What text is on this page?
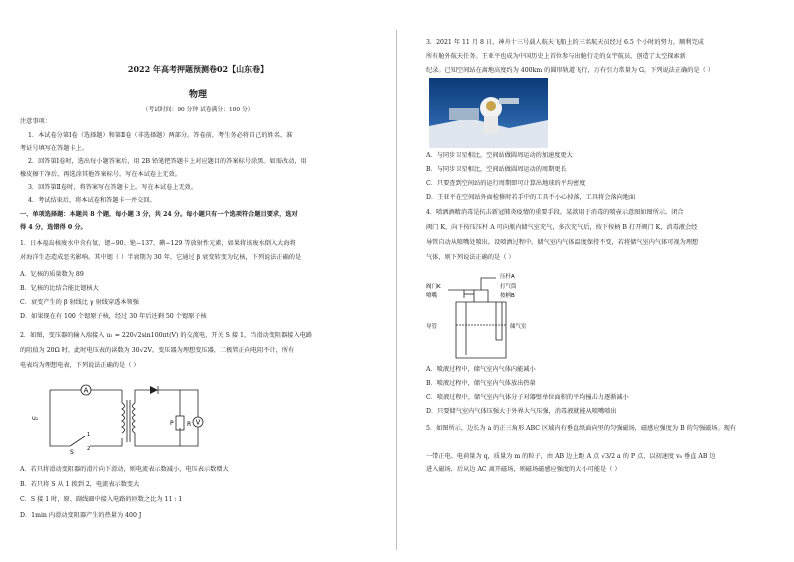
2022 年高考押题预测卷02【山东卷】
物理
（考试时间：90 分钟 试卷满分：100 分）
注意事项：
1．本试卷分第Ⅰ卷（选择题）和第Ⅱ卷（非选择题）两部分。答卷前，考生务必将自己的姓名、准
考证号填写在答题卡上。
2．回答第Ⅰ卷时，选出每小题答案后，用 2B 铅笔把答题卡上对应题目的答案标号涂黑。如需改动，用
橡皮擦干净后，再选涂其他答案标号。写在本试卷上无效。
3．回答第Ⅱ卷时，将答案写在答题卡上。写在本试卷上无效。
4．考试结束后，将本试卷和答题卡一并交回。
一、单项选择题：本题共 8 个题，每小题 3 分，共 24 分。每小题只有一个选项符合题目要求，选对
得 4 分，选错得 0 分。
1．日本福岛核废水中含有氚、锶−90、铯−137、碘−129 等放射性元素，如果将该废水倒入大海将
对海洋生态造成恶劣影响。其中锶（ ）半衰期为 30 年，它通过 β 衰变转变为钇核，下列说法正确的是
A．钇核的质量数为 89
B．钇核的比结合能比锶核大
C．衰变产生的 β 射线比 γ 射线穿透本领强
D．如果现在有 100 个锶原子核，经过 30 年后还剩 50 个锶原子核
2．如图，变压器的输入端接入 u₁ = 220√2sin100πt(V) 的交流电，开关 S 接 1，当滑动变阻器接入电路
的阻值为 20Ω 时，此时电压表的读数为 30√2V。变压器为理想变压器，二极管正向电阻不计，所有
电表均为理想电表，下列说法正确的是（ ）
A
V
R
P
S
1
2
u₁
A．若只将滑动变阻器的滑片向下滑动，则电流表示数减小，电压表示数增大
B．若只将 S 从 1 拨到 2，电流表示数变大
C．S 接 1 时，原、副线圈中接入电路的匝数之比为 11 : 1
D．1min 内滑动变阻器产生的热量为 400 J
3．2021 年 11 月 8 日，神舟十三号载人航天飞船上的三名航天员经过 6.5 个小时的努力，顺利完成
所有舱外航天任务。王亚平也成为中国历史上首位参与出舱行走的女宇航员，创造了太空探索新
纪录。已知空间站在离地高度约为 400km 的圆形轨道飞行，万有引力常量为 G，下列说法正确的是（ ）
A．与同步卫星相比，空间站做圆周运动的加速度更大
B．与同步卫星相比，空间站做圆周运动的周期更长
C．只要查到空间站的运行周期即可计算出地球的平均密度
D．王亚平在空间站外面检修时若手中的工具不小心掉落，工具将会落向地面
4．喷洒酒精消毒是抗击新冠肺炎疫情的重要手段。某款用于消毒的喷壶示意图如图所示。闭合
阀门 K，向下按压压杆 A 可向瓶内储气室充气，多次充气后，按下按柄 B 打开阀门 K，消毒液会经
导管自动从喷嘴处喷出。设喷洒过程中，储气室内气体温度保持不变，若将储气室内气体可视为理想
气体，则下列说法正确的是（ ）
压杆A
打气筒
按柄B
阀门K
喷嘴
导管	储气室
A．喷液过程中，储气室内气体内能减小
B．喷液过程中，储气室内气体放出热量
C．喷液过程中，储气室内气体分子对器壁单位面积的平均撞击力逐渐减小
D．只要储气室内气体压强大于外界大气压强，消毒液就能从喷嘴喷出
5．如图所示，边长为 a 的正三角形 ABC 区域内有垂直纸面向里的匀强磁场，磁感应强度为 B 的匀强磁场。现有
一带正电、电荷量为 q，质量为 m 的粒子，由 AB 边上距 A 点 √3/2 a 的 P 点，以初速度 v₀ 垂直 AB 边
进入磁场，后从边 AC 离开磁场，则磁场磁感应强度的大小可能是（ ）
